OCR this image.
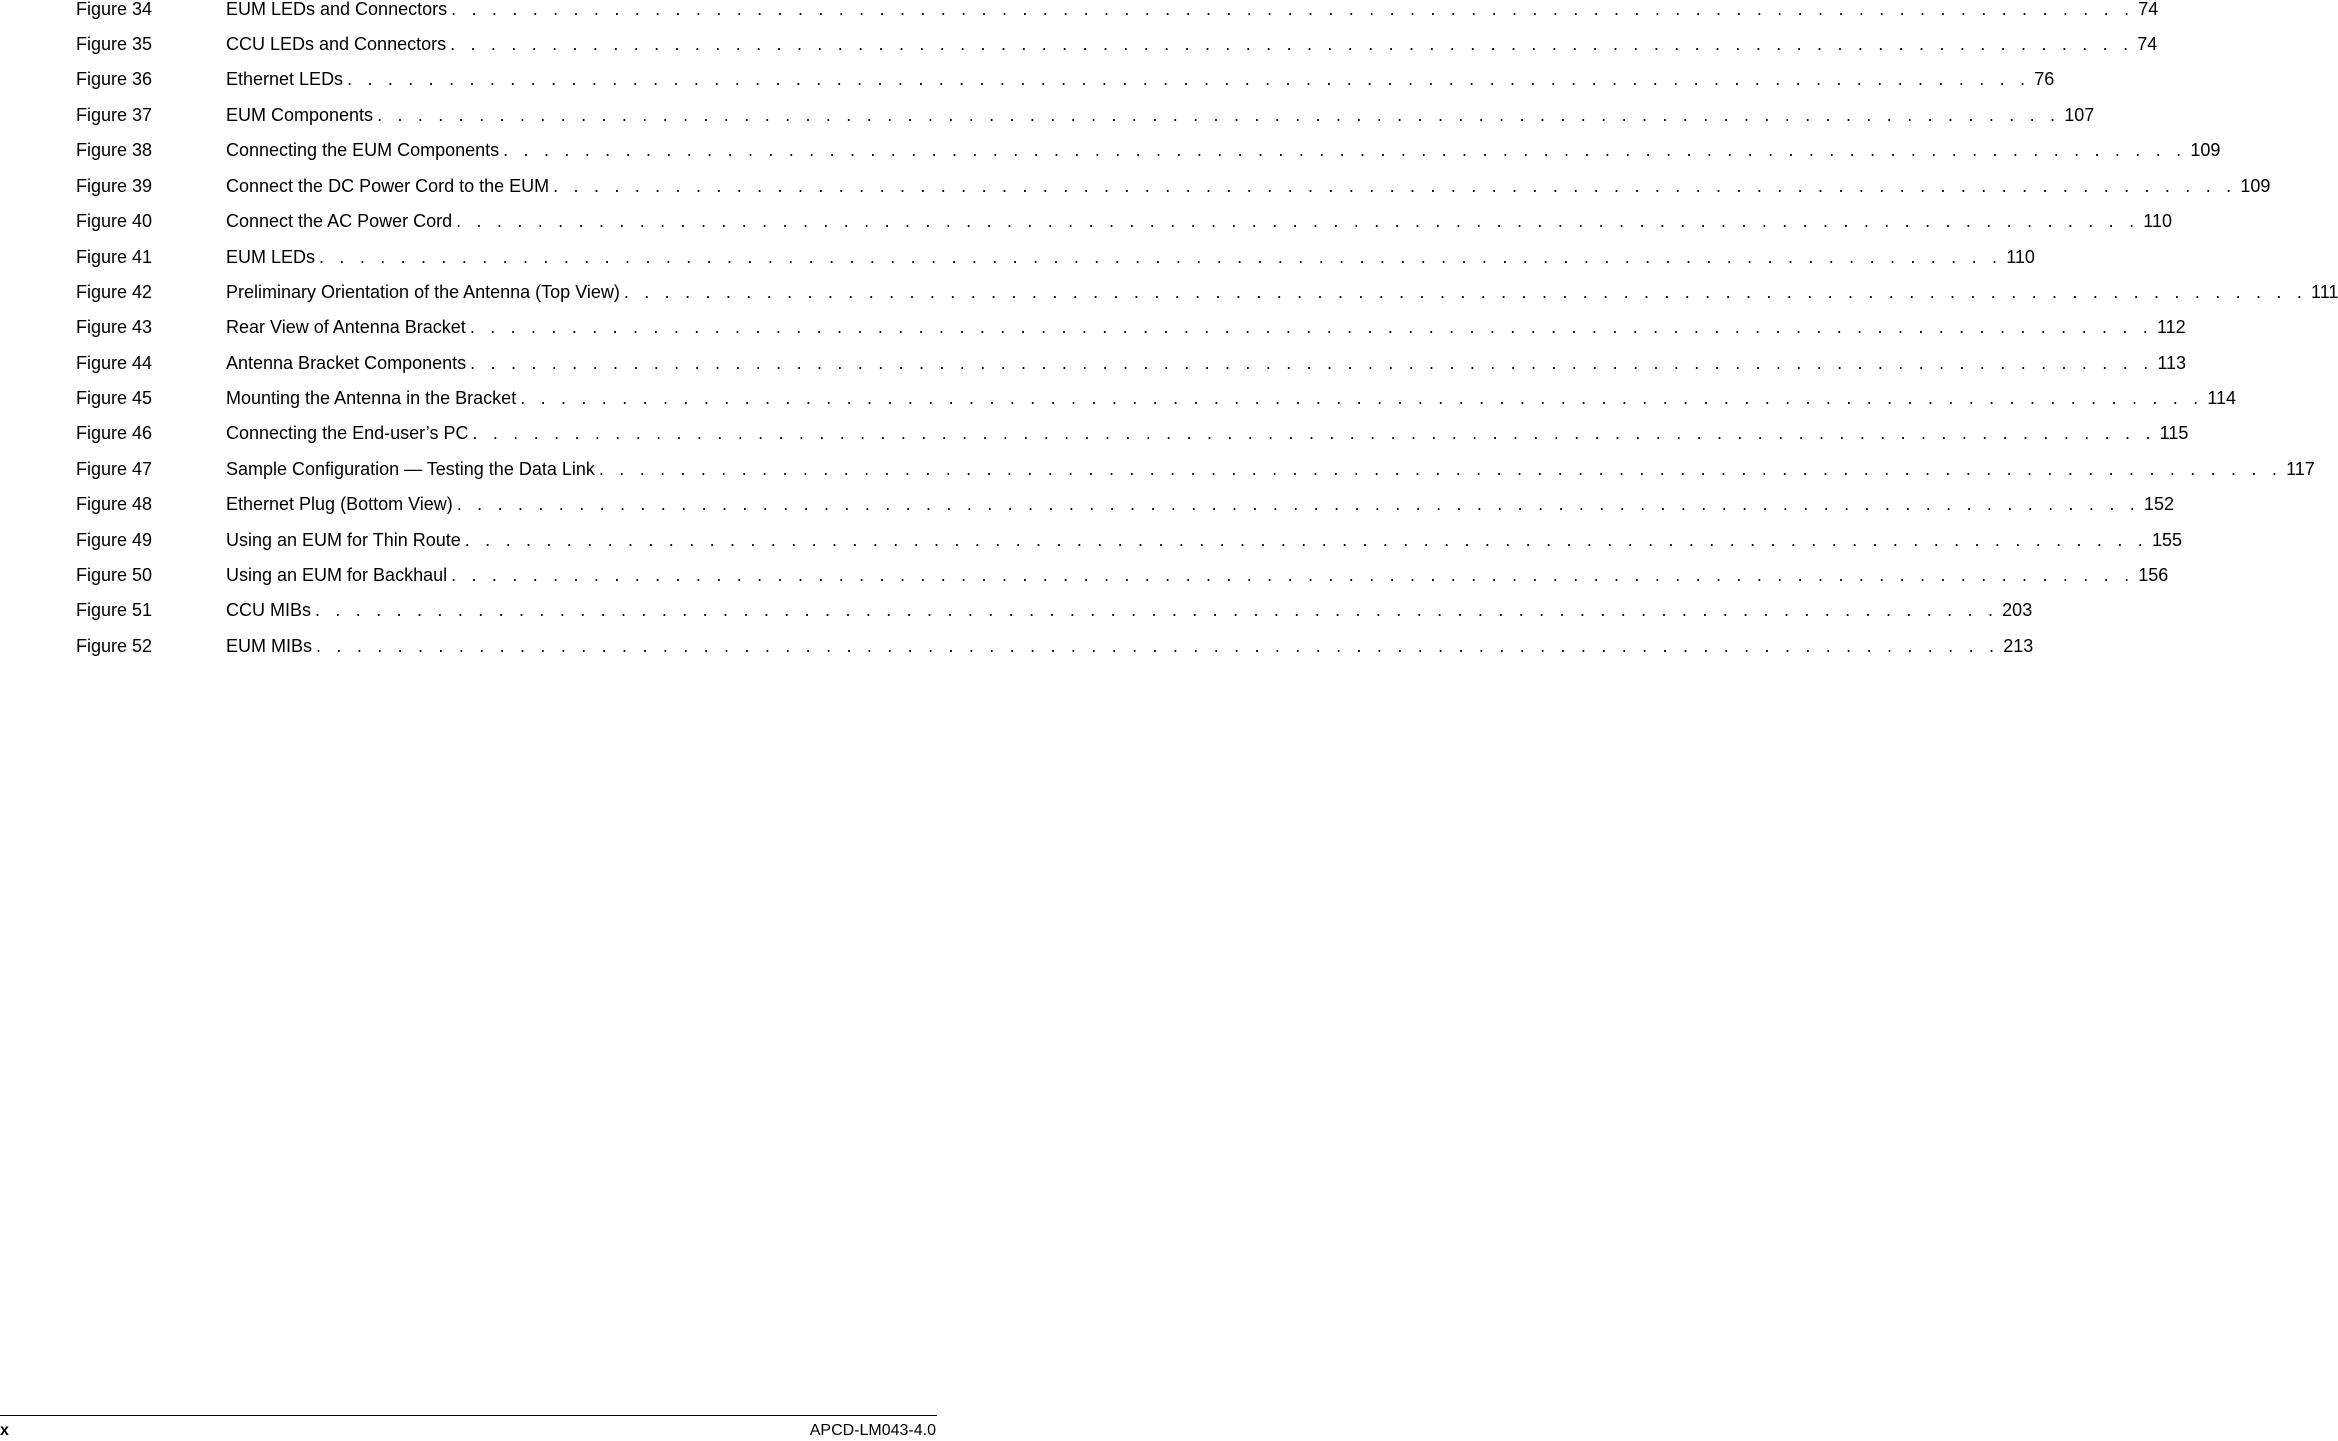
Figure 34	EUM LEDs and Connectors . . . . . . . . . . . . . . . . . . . . . . . . . . . . . . . . . . . . . . . . . . . . . . . . . . . . . . . . . . . . . . . . . . . . . . . . . . . . . . . . . . . 74
Figure 35	CCU LEDs and Connectors . . . . . . . . . . . . . . . . . . . . . . . . . . . . . . . . . . . . . . . . . . . . . . . . . . . . . . . . . . . . . . . . . . . . . . . . . . . . . . . . . . . 74
Figure 36	Ethernet LEDs . . . . . . . . . . . . . . . . . . . . . . . . . . . . . . . . . . . . . . . . . . . . . . . . . . . . . . . . . . . . . . . . . . . . . . . . . . . . . . . . . . . 76
Figure 37	EUM Components . . . . . . . . . . . . . . . . . . . . . . . . . . . . . . . . . . . . . . . . . . . . . . . . . . . . . . . . . . . . . . . . . . . . . . . . . . . . . . . . . . . 107
Figure 38	Connecting the EUM Components . . . . . . . . . . . . . . . . . . . . . . . . . . . . . . . . . . . . . . . . . . . . . . . . . . . . . . . . . . . . . . . . . . . . . . . . . . . . . . . . . . . 109
Figure 39	Connect the DC Power Cord to the EUM . . . . . . . . . . . . . . . . . . . . . . . . . . . . . . . . . . . . . . . . . . . . . . . . . . . . . . . . . . . . . . . . . . . . . . . . . . . . . . . . . . . 109
Figure 40	Connect the AC Power Cord . . . . . . . . . . . . . . . . . . . . . . . . . . . . . . . . . . . . . . . . . . . . . . . . . . . . . . . . . . . . . . . . . . . . . . . . . . . . . . . . . . . 110
Figure 41	EUM LEDs . . . . . . . . . . . . . . . . . . . . . . . . . . . . . . . . . . . . . . . . . . . . . . . . . . . . . . . . . . . . . . . . . . . . . . . . . . . . . . . . . . . 110
Figure 42	Preliminary Orientation of the Antenna (Top View) . . . . . . . . . . . . . . . . . . . . . . . . . . . . . . . . . . . . . . . . . . . . . . . . . . . . . . . . . . . . . . . . . . . . . . . . . . . . . . . . . . . 111
Figure 43	Rear View of Antenna Bracket . . . . . . . . . . . . . . . . . . . . . . . . . . . . . . . . . . . . . . . . . . . . . . . . . . . . . . . . . . . . . . . . . . . . . . . . . . . . . . . . . . . 112
Figure 44	Antenna Bracket Components . . . . . . . . . . . . . . . . . . . . . . . . . . . . . . . . . . . . . . . . . . . . . . . . . . . . . . . . . . . . . . . . . . . . . . . . . . . . . . . . . . . 113
Figure 45	Mounting the Antenna in the Bracket . . . . . . . . . . . . . . . . . . . . . . . . . . . . . . . . . . . . . . . . . . . . . . . . . . . . . . . . . . . . . . . . . . . . . . . . . . . . . . . . . . . 114
Figure 46	Connecting the End-user’s PC . . . . . . . . . . . . . . . . . . . . . . . . . . . . . . . . . . . . . . . . . . . . . . . . . . . . . . . . . . . . . . . . . . . . . . . . . . . . . . . . . . . 115
Figure 47	Sample Configuration — Testing the Data Link . . . . . . . . . . . . . . . . . . . . . . . . . . . . . . . . . . . . . . . . . . . . . . . . . . . . . . . . . . . . . . . . . . . . . . . . . . . . . . . . . . . 117
Figure 48	Ethernet Plug (Bottom View) . . . . . . . . . . . . . . . . . . . . . . . . . . . . . . . . . . . . . . . . . . . . . . . . . . . . . . . . . . . . . . . . . . . . . . . . . . . . . . . . . . . 152
Figure 49	Using an EUM for Thin Route . . . . . . . . . . . . . . . . . . . . . . . . . . . . . . . . . . . . . . . . . . . . . . . . . . . . . . . . . . . . . . . . . . . . . . . . . . . . . . . . . . . 155
Figure 50	Using an EUM for Backhaul . . . . . . . . . . . . . . . . . . . . . . . . . . . . . . . . . . . . . . . . . . . . . . . . . . . . . . . . . . . . . . . . . . . . . . . . . . . . . . . . . . . 156
Figure 51	CCU MIBs . . . . . . . . . . . . . . . . . . . . . . . . . . . . . . . . . . . . . . . . . . . . . . . . . . . . . . . . . . . . . . . . . . . . . . . . . . . . . . . . . . . 203
Figure 52	EUM MIBs . . . . . . . . . . . . . . . . . . . . . . . . . . . . . . . . . . . . . . . . . . . . . . . . . . . . . . . . . . . . . . . . . . . . . . . . . . . . . . . . . . . 213
x	APCD-LM043-4.0
